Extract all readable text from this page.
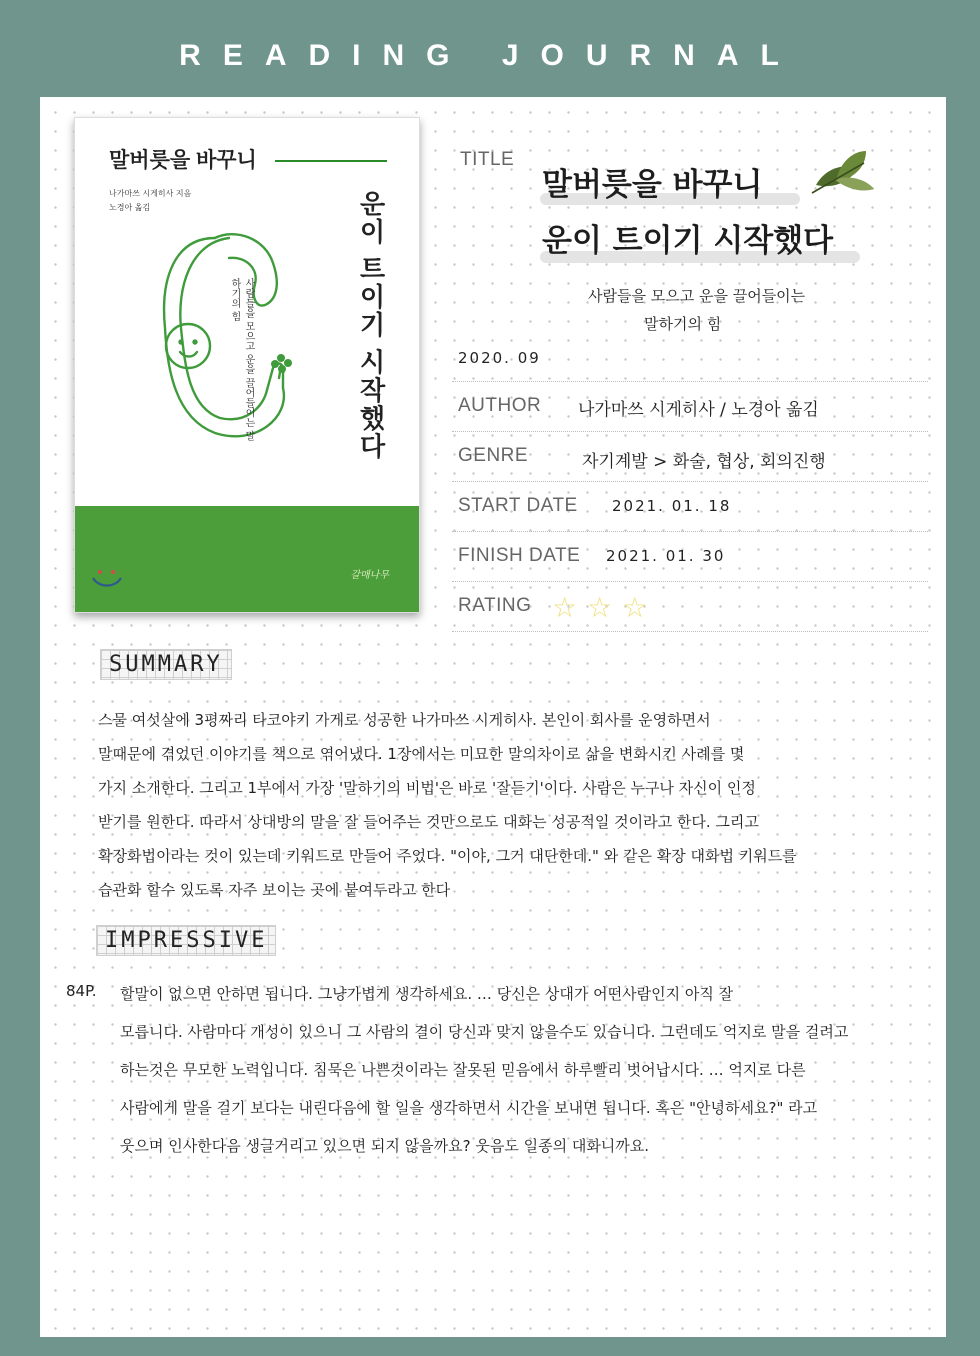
READING JOURNAL
말버릇을 바꾸니
나가마쓰 시게히사 지음
노경아 옮김	운이 트이기 시작했다
사람들을 모으고 운을 끌어들이는 말하기의 힘
갈매나무
TITLE
말버릇을 바꾸니
운이 트이기 시작했다
사람들을 모으고 운을 끌어들이는
말하기의 힘
2020. 09
AUTHOR 나가마쓰 시게히사 / 노경아 옮김
GENRE	자기계발 > 화술, 협상, 회의진행
START DATE 2021. 01. 18
FINISH DATE 2021. 01. 30
RATING ☆ ☆ ☆
SUMMARY
스물 여섯살에 3평짜리 타코야키 가게로 성공한 나가마쓰 시게히사. 본인이 회사를 운영하면서
말때문에 겪었던 이야기를 책으로 엮어냈다. 1장에서는 미묘한 말의차이로 삶을 변화시킨 사례를 몇
가지 소개한다. 그리고 1부에서 가장 '말하기의 비법'은 바로 '잘듣기'이다. 사람은 누구나 자신이 인정
받기를 원한다. 따라서 상대방의 말을 잘 들어주는 것만으로도 대화는 성공적일 것이라고 한다. 그리고
확장화법이라는 것이 있는데 키워드로 만들어 주었다. "이야, 그거 대단한데." 와 같은 확장 대화법 키워드를
습관화 할수 있도록 자주 보이는 곳에 붙여두라고 한다
IMPRESSIVE
84P. 할말이 없으면 안하면 됩니다. 그냥가볍게 생각하세요. … 당신은 상대가 어떤사람인지 아직 잘
모릅니다. 사람마다 개성이 있으니 그 사람의 결이 당신과 맞지 않을수도 있습니다. 그런데도 억지로 말을 걸려고
하는것은 무모한 노력입니다. 침묵은 나쁜것이라는 잘못된 믿음에서 하루빨리 벗어납시다. … 억지로 다른
사람에게 말을 걸기 보다는 내린다음에 할 일을 생각하면서 시간을 보내면 됩니다. 혹은 "안녕하세요?" 라고
웃으며 인사한다음 생글거리고 있으면 되지 않을까요? 웃음도 일종의 대화니까요.
